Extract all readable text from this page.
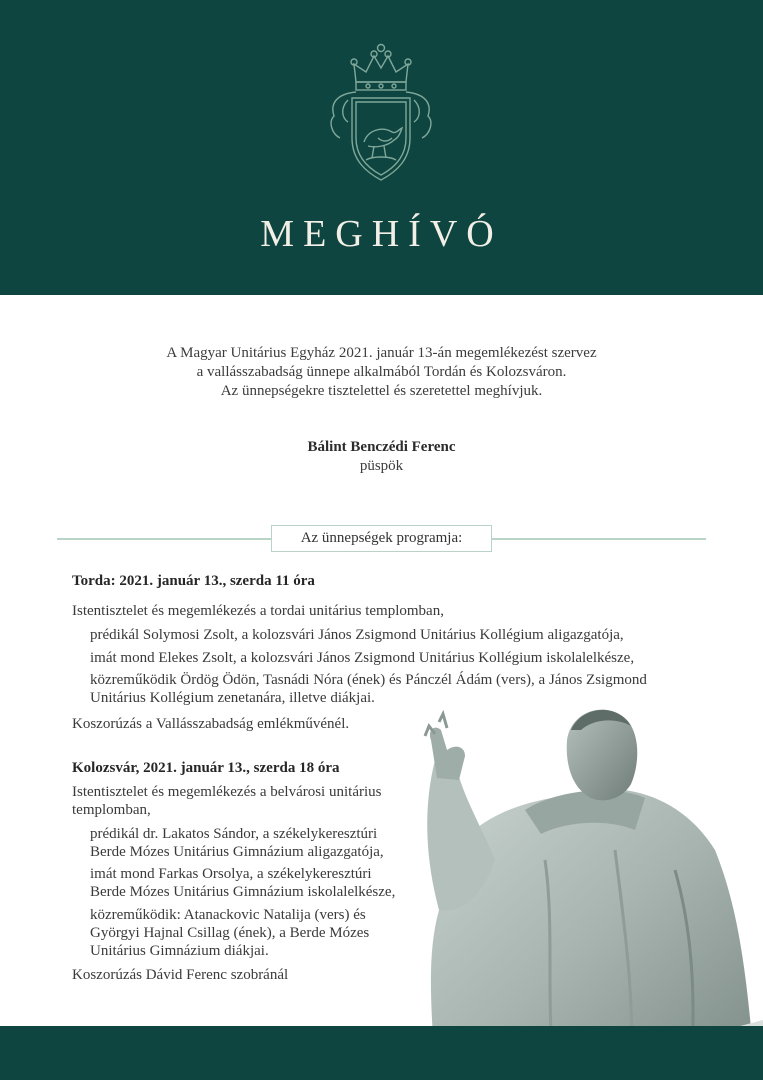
MEGHÍVÓ
A Magyar Unitárius Egyház 2021. január 13-án megemlékezést szervez
a vallásszabadság ünnepe alkalmából Tordán és Kolozsváron.
Az ünnepségekre tisztelettel és szeretettel meghívjuk.
Bálint Benczédi Ferenc
püspök
Az ünnepségek programja:
Torda: 2021. január 13., szerda 11 óra
Istentisztelet és megemlékezés a tordai unitárius templomban,
prédikál Solymosi Zsolt, a kolozsvári János Zsigmond Unitárius Kollégium aligazgatója,
imát mond Elekes Zsolt, a kolozsvári János Zsigmond Unitárius Kollégium iskolalelkésze,
közreműködik Ördög Ödön, Tasnádi Nóra (ének) és Pánczél Ádám (vers), a János Zsigmond
Unitárius Kollégium zenetanára, illetve diákjai.
Koszorúzás a Vallásszabadság emlékművénél.
Kolozsvár, 2021. január 13., szerda 18 óra
Istentisztelet és megemlékezés a belvárosi unitárius
templomban,
prédikál dr. Lakatos Sándor, a székelykeresztúri
Berde Mózes Unitárius Gimnázium aligazgatója,
imát mond Farkas Orsolya, a székelykeresztúri
Berde Mózes Unitárius Gimnázium iskolalelkésze,
közreműködik: Atanackovic Natalija (vers) és
Györgyi Hajnal Csillag (ének), a Berde Mózes
Unitárius Gimnázium diákjai.
Koszorúzás Dávid Ferenc szobránál
